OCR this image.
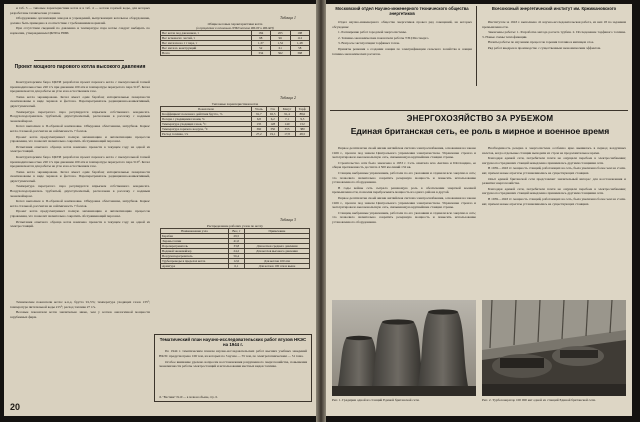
и таб. 3 — типовые характеристики котла и в таб. 4 — котлов горячей воды, для которых разработаны технические условия.

Оборудование организации заводов и учреждений, выпускающих котельное оборудование, должно быть приведено в соответствие с требованиями нормалей.

При отсутствии сведений по давлению и температуре пара котлы следует выбирать по нормалям, утвержденным ЦКТИ и НИИ.

Проект мощного парового котла высокого давления

Конструкторским бюро ЦКТИ разработан проект парового котла с пылеугольной топкой производительностью 220 т/ч при давлении 100 ати и температуре перегретого пара 510°. Котел предназначается для работы на угле и на естественном газе.

Топка котла экранирована. Котел имеет один барабан; испарительные поверхности скомпонованы в виде экранов и фестона. Пароперегреватель радиационно-конвективный, двухступенчатый.

Температура перегретого пара регулируется впрыском собственного конденсата. Воздухоподогреватель трубчатый, двухступенчатый, расположен в рассечку с водяным экономайзером.

Котел выполнен в П-образной компоновке. Обмуровка облегченная, натрубная. Каркас котла стальной, рассчитан на сейсмичность 7 баллов.

Проект котла предусматривает полную механизацию и автоматизацию процессов управления, что позволит значительно сократить обслуживающий персонал.

Испытания опытного образца котла намечено провести в текущем году на одной из электростанций.

Конструкторским бюро ЦКТИ разработан проект парового котла с пылеугольной топкой производительностью 220 т/ч при давлении 100 ати и температуре перегретого пара 510°. Котел предназначается для работы на угле и на естественном газе.

Топка котла экранирована. Котел имеет один барабан; испарительные поверхности скомпонованы в виде экранов и фестона. Пароперегреватель радиационно-конвективный, двухступенчатый.

Температура перегретого пара регулируется впрыском собственного конденсата. Воздухоподогреватель трубчатый, двухступенчатый, расположен в рассечку с водяным экономайзером.

Котел выполнен в П-образной компоновке. Обмуровка облегченная, натрубная. Каркас котла стальной, рассчитан на сейсмичность 7 баллов.

Проект котла предусматривает полную механизацию и автоматизацию процессов управления, что позволит значительно сократить обслуживающий персонал.

Испытания опытного образца котла намечено провести в текущем году на одной из электростанций.

Технические показатели котла: к.п.д. брутто 91,5%; температура уходящих газов 135°; температура питательной воды 215°; расход топлива 27 т/ч.

Весовые показатели котла значительно ниже, чем у котлов аналогичной мощности зарубежных фирм.

Таблица 1
Общие весовые характеристики котла
(в процентах к основным ЛЭКЗ котлов ЯП-6Т и ЯП-ЯП)
Вес котла под давлением, т	184	205	198
Вес вспомогат. частей, т	98	96	112
Вес металла на 1 т пара, т	1,37	1,52	1,48
Вес металл. конструкций	52	61	58
Всего	334	362	368
Таблица 2
Тепловые характеристики котла
Показатели	Уголь	Газ	Мазут	Торф
Коэффициент полезного действия брутто, %	91,7	92,5	91,4	88,6
Потери с уходящими газами, %	6,8	6,2	7,1	9,3
Температура уходящих газов, °C	135	128	140	152
Температура горячего воздуха, °C	360	350	355	380
Расход топлива, т/ч	27,2	19,1	17,8	48,5
Таблица 3
Распределение рабочих узлов по котлу
Наименование узла	Вес, т	Примечание
Барабан	29,5	
Экраны топки	41,0	
Пароперегреватель	33,8	Для котлов среднего давления
Водяной экономайзер	24,2	Для котлов высокого давления
Воздухоподогреватель	56,4	
Трубопроводы в пределах котла	12,6	Для котлов 100 ати
Арматура	6,1	Для котлов 100 ати и выше
Тематический план научно-исследовательских работ втузов НКЭС на 1944 г.

По 1944 г. тематическим планом научно-исследовательских работ высших учебных заведений НКЭС предусмотрено 106 тем, из которых по 3 вузам — 55 тем, по электротехническим — 51 тема.

Особое внимание уделено вопросам восстановления разрушенного энергохозяйства, повышения экономичности работы электростанций и использования местных видов топлива.

Л. "Вестник" №10 — в полном объеме, стр. 6.
20
Московский отдел Научно-инженерного технического общества энергетиков

Отдел научно-инженерного общества энергетиков провел ряд совещаний, на которых обсуждены:

1. Расширение работ городской энергосистемы.

2. Технико-экономические показатели работы ТЭЦ Мосэнерго.

3. Вопросы эксплуатации торфяных топок.

Приняты решения о создании секции по электрификации сельского хозяйства и секции технико-экономических расчетов.

Всесоюзный энергетический институт им. Кржижановского

Институтом за 1943 г. выполнено 41 научно-исследовательская работа, из них 18 по заданиям промышленности.

Закончены работы: 1. Разработка метода расчета турбин. 2. Исследование торфяного топлива. 3. Новые схемы теплофикации.

Начаты работы по изучению процессов горения топлива в кипящем слое.

Ряд работ внедрен в производство с существенным экономическим эффектом.

ЭНЕРГОХОЗЯЙСТВО ЗА РУБЕЖОМ
Единая британская сеть, ее роль в мирное и военное время

Первое десятилетие своей жизни английская система электроснабжения, основанная на законе 1926 г., прошла под знаком Центрального управления электричеством. Управление строило и эксплуатировало высоковольтную сеть, связывающую крупнейшие станции страны.

Строительство сети было закончено в 1933 г. Сеть охватила всю Англию и Шотландию, ее общая протяженность достигла 4 500 км линий 132 кв.

Станции, выбранные управлением, работали по его указаниям и отдавали всю энергию в сеть; это позволило значительно сократить резервную мощность и повысить использование установленного оборудования.

В годы войны сеть сыграла решающую роль в обеспечении энергией военной промышленности, позволяя перебрасывать мощность из одного района в другой.

Первое десятилетие своей жизни английская система электроснабжения, основанная на законе 1926 г., прошла под знаком Центрального управления электричеством. Управление строило и эксплуатировало высоковольтную сеть, связывающую крупнейшие станции страны.

Станции, выбранные управлением, работали по его указаниям и отдавали всю энергию в сеть; это позволило значительно сократить резервную мощность и повысить использование установленного оборудования.

Необходимость резерва в энергосистеме особенно ярко выявилась в период воздушных налетов, когда отдельные станции выходили из строя на продолжительное время.

Благодаря единой сети, потребители почти не ощущали перебоев в электроснабжении; нагрузка пострадавших станций немедленно принималась другими станциями сети.

В 1939—1943 гг. мощность станций, работающих на сеть, была увеличена более чем на 2 млн. квт, причем новые агрегаты устанавливались на существующих станциях.

Опыт единой британской сети представляет значительный интерес для восстановления и развития энергохозяйства.

Благодаря единой сети, потребители почти не ощущали перебоев в электроснабжении; нагрузка пострадавших станций немедленно принималась другими станциями сети.

В 1939—1943 гг. мощность станций, работающих на сеть, была увеличена более чем на 2 млн. квт, причем новые агрегаты устанавливались на существующих станциях.

Рис. 1. Градирни одной из станций Единой британской сети.	Рис. 2. Турбогенератор 100 000 квт одной из станций Единой британской сети.
